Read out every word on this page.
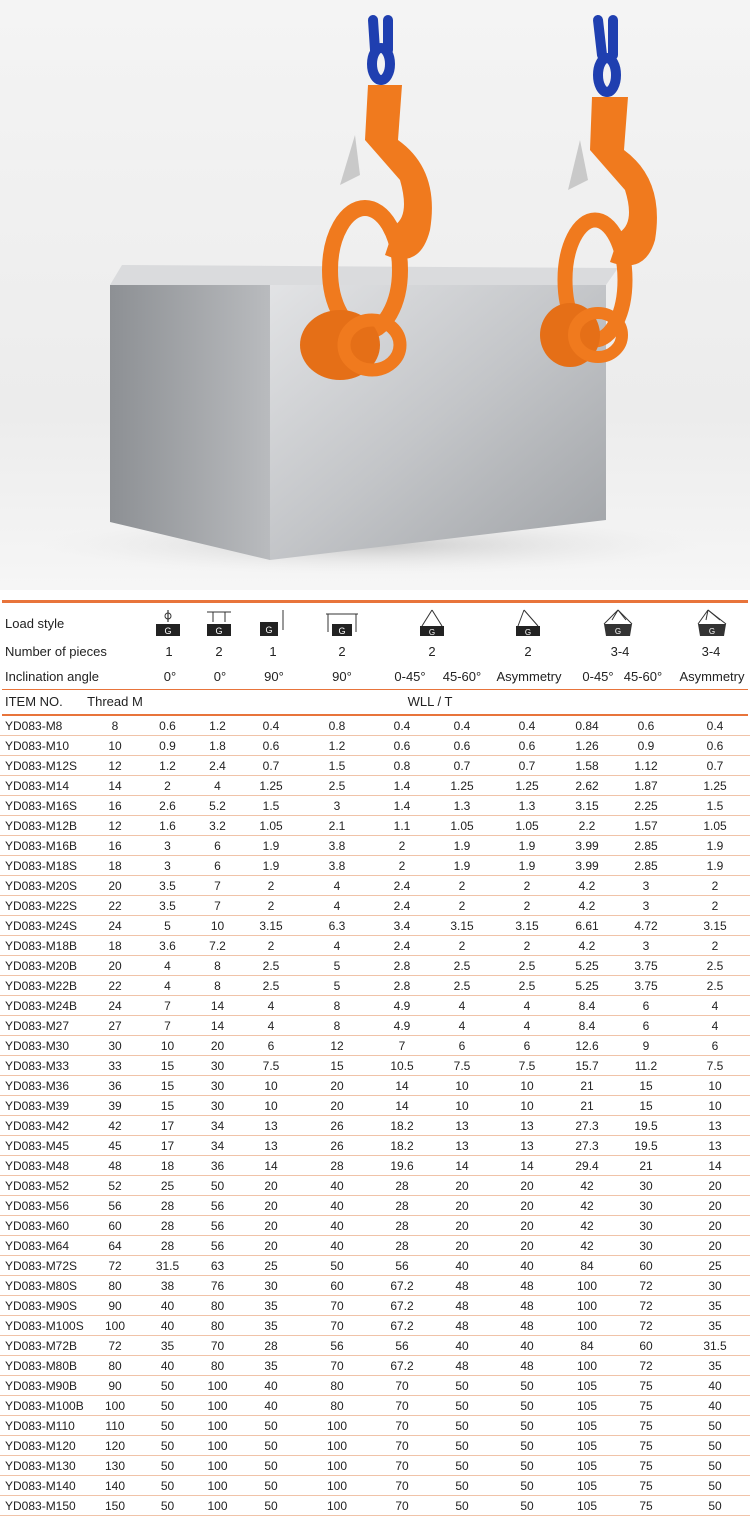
Load style	G	G	G	G	G	G	G	G
Number of pieces	1	2	1	2	2	2	3-4	3-4
Inclination angle	0°	0°	90°	90°	0-45°	45-60°	Asymmetry	0-45° 45-60°	Asymmetry
ITEM NO.	Thread M	WLL / T
YD083-M8	8	0.6	1.2	0.4	0.8	0.4	0.4	0.4	0.84	0.6	0.4
YD083-M10	10	0.9	1.8	0.6	1.2	0.6	0.6	0.6	1.26	0.9	0.6
YD083-M12S	12	1.2	2.4	0.7	1.5	0.8	0.7	0.7	1.58	1.12	0.7
YD083-M14	14	2	4	1.25	2.5	1.4	1.25	1.25	2.62	1.87	1.25
YD083-M16S	16	2.6	5.2	1.5	3	1.4	1.3	1.3	3.15	2.25	1.5
YD083-M12B	12	1.6	3.2	1.05	2.1	1.1	1.05	1.05	2.2	1.57	1.05
YD083-M16B	16	3	6	1.9	3.8	2	1.9	1.9	3.99	2.85	1.9
YD083-M18S	18	3	6	1.9	3.8	2	1.9	1.9	3.99	2.85	1.9
YD083-M20S	20	3.5	7	2	4	2.4	2	2	4.2	3	2
YD083-M22S	22	3.5	7	2	4	2.4	2	2	4.2	3	2
YD083-M24S	24	5	10	3.15	6.3	3.4	3.15	3.15	6.61	4.72	3.15
YD083-M18B	18	3.6	7.2	2	4	2.4	2	2	4.2	3	2
YD083-M20B	20	4	8	2.5	5	2.8	2.5	2.5	5.25	3.75	2.5
YD083-M22B	22	4	8	2.5	5	2.8	2.5	2.5	5.25	3.75	2.5
YD083-M24B	24	7	14	4	8	4.9	4	4	8.4	6	4
YD083-M27	27	7	14	4	8	4.9	4	4	8.4	6	4
YD083-M30	30	10	20	6	12	7	6	6	12.6	9	6
YD083-M33	33	15	30	7.5	15	10.5	7.5	7.5	15.7	11.2	7.5
YD083-M36	36	15	30	10	20	14	10	10	21	15	10
YD083-M39	39	15	30	10	20	14	10	10	21	15	10
YD083-M42	42	17	34	13	26	18.2	13	13	27.3	19.5	13
YD083-M45	45	17	34	13	26	18.2	13	13	27.3	19.5	13
YD083-M48	48	18	36	14	28	19.6	14	14	29.4	21	14
YD083-M52	52	25	50	20	40	28	20	20	42	30	20
YD083-M56	56	28	56	20	40	28	20	20	42	30	20
YD083-M60	60	28	56	20	40	28	20	20	42	30	20
YD083-M64	64	28	56	20	40	28	20	20	42	30	20
YD083-M72S	72	31.5	63	25	50	56	40	40	84	60	25
YD083-M80S	80	38	76	30	60	67.2	48	48	100	72	30
YD083-M90S	90	40	80	35	70	67.2	48	48	100	72	35
YD083-M100S	100	40	80	35	70	67.2	48	48	100	72	35
YD083-M72B	72	35	70	28	56	56	40	40	84	60	31.5
YD083-M80B	80	40	80	35	70	67.2	48	48	100	72	35
YD083-M90B	90	50	100	40	80	70	50	50	105	75	40
YD083-M100B	100	50	100	40	80	70	50	50	105	75	40
YD083-M110	110	50	100	50	100	70	50	50	105	75	50
YD083-M120	120	50	100	50	100	70	50	50	105	75	50
YD083-M130	130	50	100	50	100	70	50	50	105	75	50
YD083-M140	140	50	100	50	100	70	50	50	105	75	50
YD083-M150	150	50	100	50	100	70	50	50	105	75	50
